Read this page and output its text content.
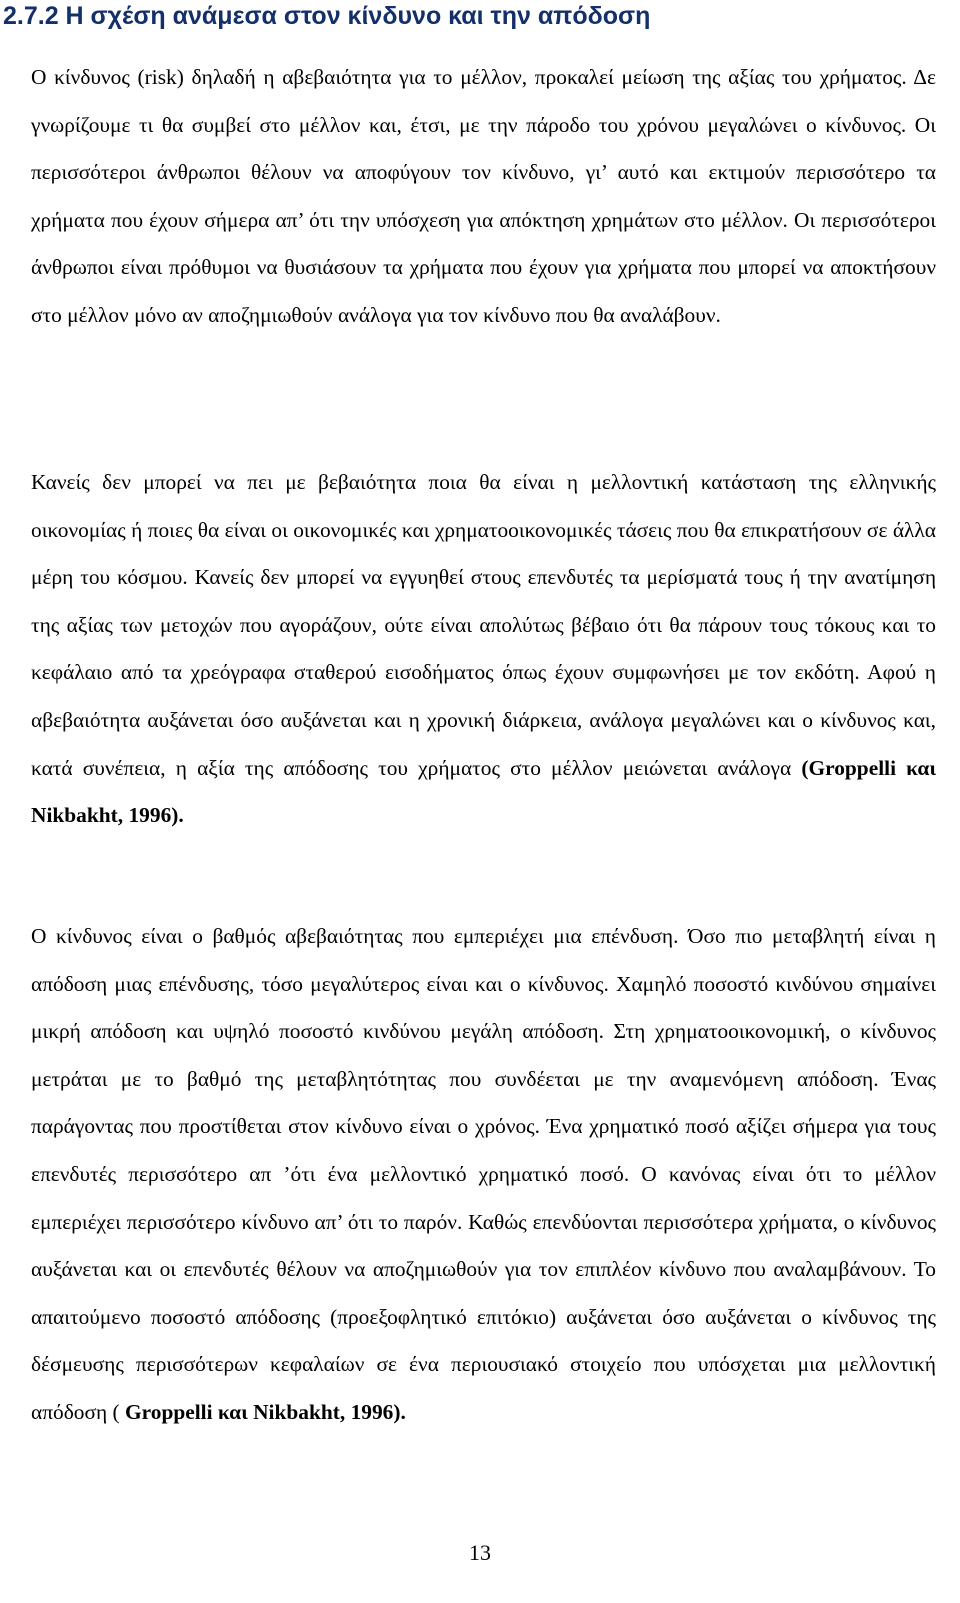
2.7.2 Η σχέση ανάμεσα στον κίνδυνο και την απόδοση

Ο κίνδυνος (risk) δηλαδή η αβεβαιότητα για το μέλλον, προκαλεί μείωση της αξίας του χρήματος. Δε γνωρίζουμε τι θα συμβεί στο μέλλον και, έτσι, με την πάροδο του χρόνου μεγαλώνει ο κίνδυνος. Οι περισσότεροι άνθρωποι θέλουν να αποφύγουν τον κίνδυνο, γι’ αυτό και εκτιμούν περισσότερο τα χρήματα που έχουν σήμερα απ’ ότι την υπόσχεση για απόκτηση χρημάτων στο μέλλον. Οι περισσότεροι άνθρωποι είναι πρόθυμοι να θυσιάσουν τα χρήματα που έχουν για χρήματα που μπορεί να αποκτήσουν στο μέλλον μόνο αν αποζημιωθούν ανάλογα για τον κίνδυνο που θα αναλάβουν.

Κανείς δεν μπορεί να πει με βεβαιότητα ποια θα είναι η μελλοντική κατάσταση της ελληνικής οικονομίας ή ποιες θα είναι οι οικονομικές και χρηματοοικονομικές τάσεις που θα επικρατήσουν σε άλλα μέρη του κόσμου. Κανείς δεν μπορεί να εγγυηθεί στους επενδυτές τα μερίσματά τους ή την ανατίμηση της αξίας των μετοχών που αγοράζουν, ούτε είναι απολύτως βέβαιο ότι θα πάρουν τους τόκους και το κεφάλαιο από τα χρεόγραφα σταθερού εισοδήματος όπως έχουν συμφωνήσει με τον εκδότη. Αφού η αβεβαιότητα αυξάνεται όσο αυξάνεται και η χρονική διάρκεια, ανάλογα μεγαλώνει και ο κίνδυνος και, κατά συνέπεια, η αξία της απόδοσης του χρήματος στο μέλλον μειώνεται ανάλογα (Groppelli και Nikbakht, 1996).

Ο κίνδυνος είναι ο βαθμός αβεβαιότητας που εμπεριέχει μια επένδυση. Όσο πιο μεταβλητή είναι η απόδοση μιας επένδυσης, τόσο μεγαλύτερος είναι και ο κίνδυνος. Χαμηλό ποσοστό κινδύνου σημαίνει μικρή απόδοση και υψηλό ποσοστό κινδύνου μεγάλη απόδοση. Στη χρηματοοικονομική, ο κίνδυνος μετράται με το βαθμό της μεταβλητότητας που συνδέεται με την αναμενόμενη απόδοση. Ένας παράγοντας που προστίθεται στον κίνδυνο είναι ο χρόνος. Ένα χρηματικό ποσό αξίζει σήμερα για τους επενδυτές περισσότερο απ ’ότι ένα μελλοντικό χρηματικό ποσό. Ο κανόνας είναι ότι το μέλλον εμπεριέχει περισσότερο κίνδυνο απ’ ότι το παρόν. Καθώς επενδύονται περισσότερα χρήματα, ο κίνδυνος αυξάνεται και οι επενδυτές θέλουν να αποζημιωθούν για τον επιπλέον κίνδυνο που αναλαμβάνουν. Το απαιτούμενο ποσοστό απόδοσης (προεξοφλητικό επιτόκιο) αυξάνεται όσο αυξάνεται ο κίνδυνος της δέσμευσης περισσότερων κεφαλαίων σε ένα περιουσιακό στοιχείο που υπόσχεται μια μελλοντική απόδοση ( Groppelli και Nikbakht, 1996).

13
